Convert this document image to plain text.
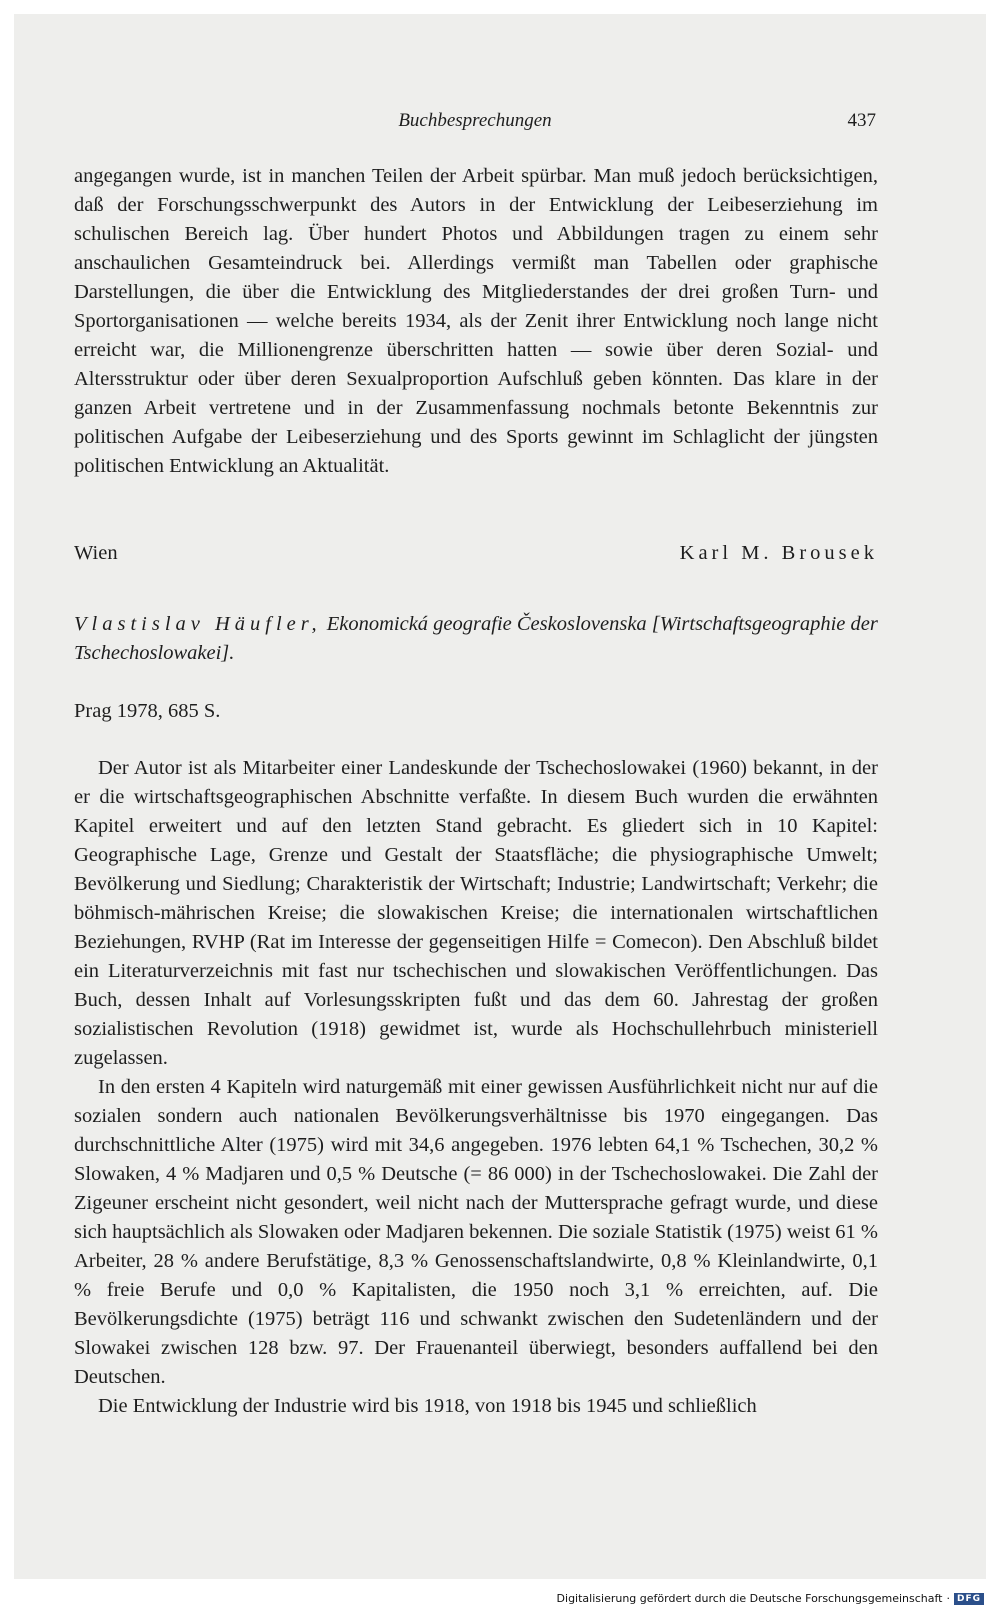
Buchbesprechungen	437

angegangen wurde, ist in manchen Teilen der Arbeit spürbar. Man muß jedoch berücksichtigen, daß der Forschungsschwerpunkt des Autors in der Entwicklung der Leibeserziehung im schulischen Bereich lag. Über hundert Photos und Abbildungen tragen zu einem sehr anschaulichen Gesamteindruck bei. Allerdings vermißt man Tabellen oder graphische Darstellungen, die über die Entwicklung des Mitgliederstandes der drei großen Turn- und Sportorganisationen — welche bereits 1934, als der Zenit ihrer Entwicklung noch lange nicht erreicht war, die Millionengrenze überschritten hatten — sowie über deren Sozial- und Altersstruktur oder über deren Sexualproportion Aufschluß geben könnten. Das klare in der ganzen Arbeit vertretene und in der Zusammenfassung nochmals betonte Bekenntnis zur politischen Aufgabe der Leibeserziehung und des Sports gewinnt im Schlaglicht der jüngsten politischen Entwicklung an Aktualität.

Wien	Karl M. Brousek
Vlastislav Häufler, Ekonomická geografie Československa [Wirtschaftsgeographie der Tschechoslowakei].
Prag 1978, 685 S.

Der Autor ist als Mitarbeiter einer Landeskunde der Tschechoslowakei (1960) bekannt, in der er die wirtschaftsgeographischen Abschnitte verfaßte. In diesem Buch wurden die erwähnten Kapitel erweitert und auf den letzten Stand gebracht. Es gliedert sich in 10 Kapitel: Geographische Lage, Grenze und Gestalt der Staatsfläche; die physiographische Umwelt; Bevölkerung und Siedlung; Charakteristik der Wirtschaft; Industrie; Landwirtschaft; Verkehr; die böhmisch-mährischen Kreise; die slowakischen Kreise; die internationalen wirtschaftlichen Beziehungen, RVHP (Rat im Interesse der gegenseitigen Hilfe = Comecon). Den Abschluß bildet ein Literaturverzeichnis mit fast nur tschechischen und slowakischen Veröffentlichungen. Das Buch, dessen Inhalt auf Vorlesungsskripten fußt und das dem 60. Jahrestag der großen sozialistischen Revolution (1918) gewidmet ist, wurde als Hochschullehrbuch ministeriell zugelassen.

In den ersten 4 Kapiteln wird naturgemäß mit einer gewissen Ausführlichkeit nicht nur auf die sozialen sondern auch nationalen Bevölkerungsverhältnisse bis 1970 eingegangen. Das durchschnittliche Alter (1975) wird mit 34,6 angegeben. 1976 lebten 64,1 % Tschechen, 30,2 % Slowaken, 4 % Madjaren und 0,5 % Deutsche (= 86 000) in der Tschechoslowakei. Die Zahl der Zigeuner erscheint nicht gesondert, weil nicht nach der Muttersprache gefragt wurde, und diese sich hauptsächlich als Slowaken oder Madjaren bekennen. Die soziale Statistik (1975) weist 61 % Arbeiter, 28 % andere Berufstätige, 8,3 % Genossenschaftslandwirte, 0,8 % Kleinlandwirte, 0,1 % freie Berufe und 0,0 % Kapitalisten, die 1950 noch 3,1 % erreichten, auf. Die Bevölkerungsdichte (1975) beträgt 116 und schwankt zwischen den Sudetenländern und der Slowakei zwischen 128 bzw. 97. Der Frauenanteil überwiegt, besonders auffallend bei den Deutschen.

Die Entwicklung der Industrie wird bis 1918, von 1918 bis 1945 und schließlich

Digitalisierung gefördert durch die Deutsche Forschungsgemeinschaft · DFG
